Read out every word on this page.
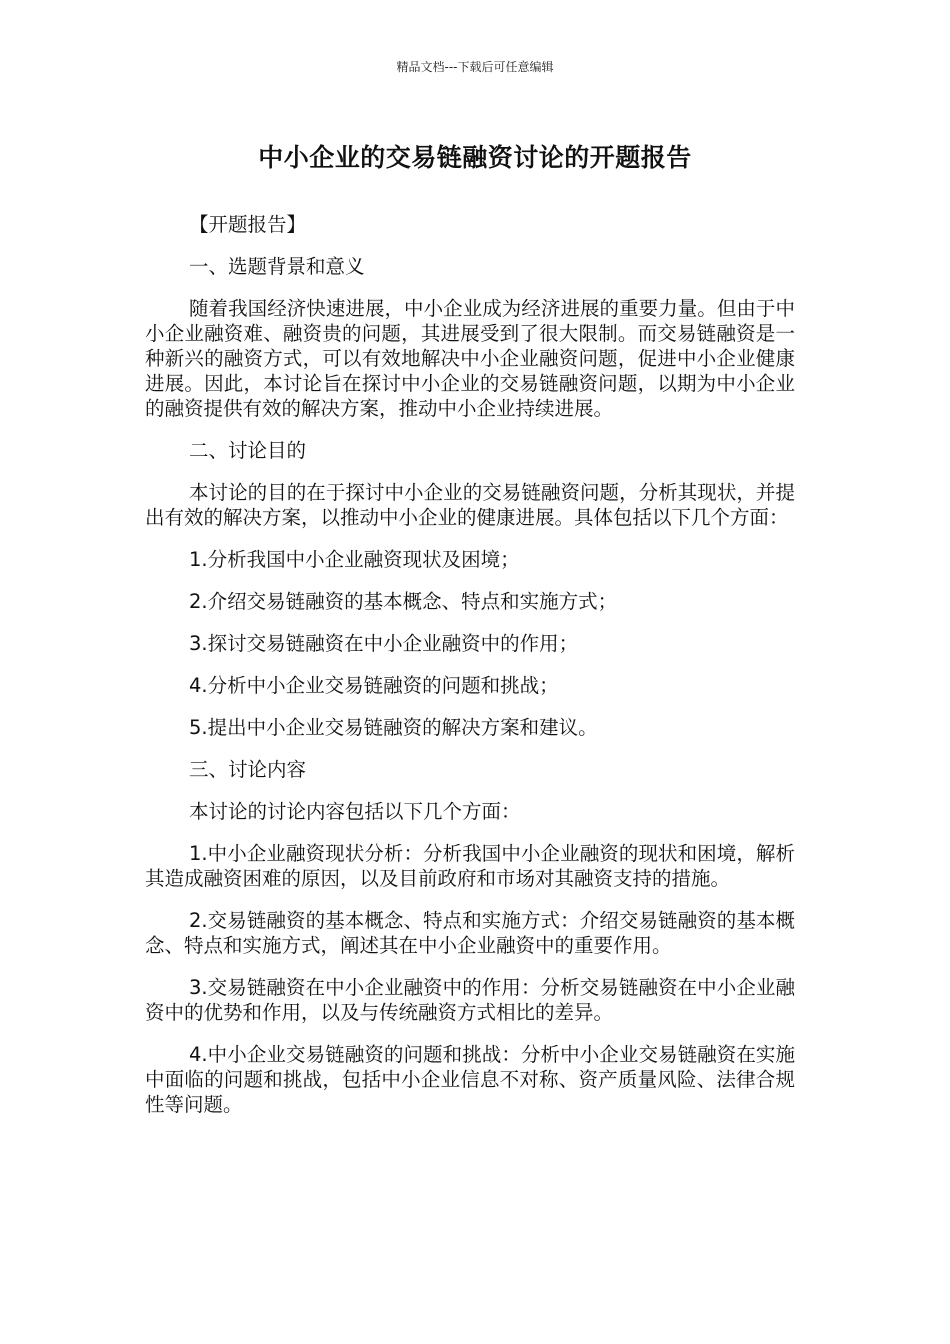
精品文档---下载后可任意编辑
中小企业的交易链融资讨论的开题报告

【开题报告】

一、选题背景和意义

随着我国经济快速进展，中小企业成为经济进展的重要力量。但由于中小企业融资难、融资贵的问题，其进展受到了很大限制。而交易链融资是一种新兴的融资方式，可以有效地解决中小企业融资问题，促进中小企业健康进展。因此，本讨论旨在探讨中小企业的交易链融资问题，以期为中小企业的融资提供有效的解决方案，推动中小企业持续进展。

二、讨论目的

本讨论的目的在于探讨中小企业的交易链融资问题，分析其现状，并提出有效的解决方案，以推动中小企业的健康进展。具体包括以下几个方面：

1.分析我国中小企业融资现状及困境；

2.介绍交易链融资的基本概念、特点和实施方式；

3.探讨交易链融资在中小企业融资中的作用；

4.分析中小企业交易链融资的问题和挑战；

5.提出中小企业交易链融资的解决方案和建议。

三、讨论内容

本讨论的讨论内容包括以下几个方面：

1.中小企业融资现状分析：分析我国中小企业融资的现状和困境，解析其造成融资困难的原因，以及目前政府和市场对其融资支持的措施。

2.交易链融资的基本概念、特点和实施方式：介绍交易链融资的基本概念、特点和实施方式，阐述其在中小企业融资中的重要作用。

3.交易链融资在中小企业融资中的作用：分析交易链融资在中小企业融资中的优势和作用，以及与传统融资方式相比的差异。

4.中小企业交易链融资的问题和挑战：分析中小企业交易链融资在实施中面临的问题和挑战，包括中小企业信息不对称、资产质量风险、法律合规性等问题。
